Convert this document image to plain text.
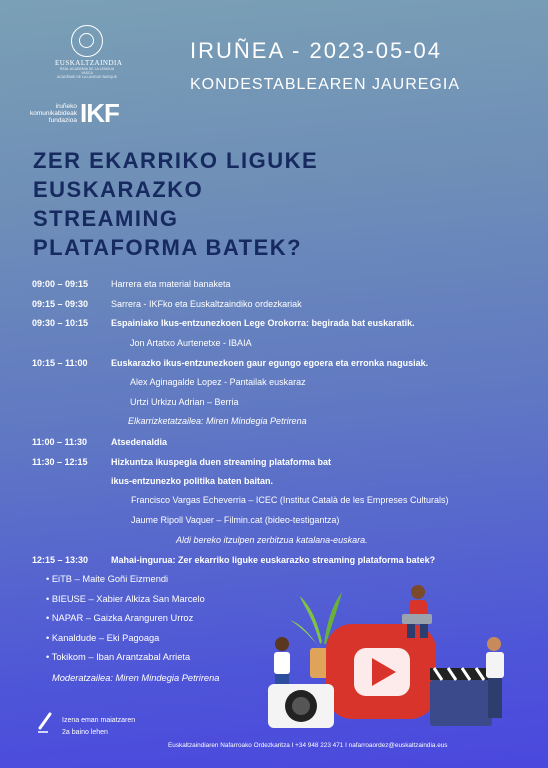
EUSKALTZAINDIA
REAL ACADEMIA DE LA LENGUA VASCA
ACADÉMIE DE LA LANGUE BASQUE
iruñeko
komunikabideak
fundazioa IKF
IRUÑEA - 2023-05-04
KONDESTABLEAREN JAUREGIA
ZER EKARRIKO LIGUKE
EUSKARAZKO
STREAMING
PLATAFORMA BATEK?
09:00 – 09:15	Harrera eta material banaketa
09:15 – 09:30	Sarrera - IKFko eta Euskaltzaindiko ordezkariak
09:30 – 10:15	Espainiako Ikus-entzunezkoen Lege Orokorra: begirada bat euskaratik.
Jon Artatxo Aurtenetxe - IBAIA
10:15 – 11:00	Euskarazko ikus-entzunezkoen gaur egungo egoera eta erronka nagusiak.
Alex Aginagalde Lopez - Pantailak euskaraz
Urtzi Urkizu Adrian – Berria
Elkarrizketatzailea: Miren Mindegia Petrirena
11:00 – 11:30	Atsedenaldia
11:30 – 12:15	Hizkuntza ikuspegia duen streaming plataforma bat
ikus-entzunezko politika baten baitan.
Francisco Vargas Echeverria – ICEC (Institut Català de les Empreses Culturals)
Jaume Ripoll Vaquer – Filmin.cat (bideo-testigantza)
Aldi bereko itzulpen zerbitzua katalana-euskara.
12:15 – 13:30	Mahai-ingurua: Zer ekarriko liguke euskarazko streaming plataforma batek?
• EiTB – Maite Goñi Eizmendi
• BIEUSE – Xabier Alkiza San Marcelo
• NAPAR – Gaizka Aranguren Urroz
• Kanaldude – Eki Pagoaga
• Tokikom – Iban Arantzabal Arrieta
Moderatzailea: Miren Mindegia Petrirena
Izena eman maiatzaren
2a baino lehen
Euskaltzaindiaren Nafarroako Ordezkaritza I +34 948 223 471 I nafarroaordez@euskaltzaindia.eus
